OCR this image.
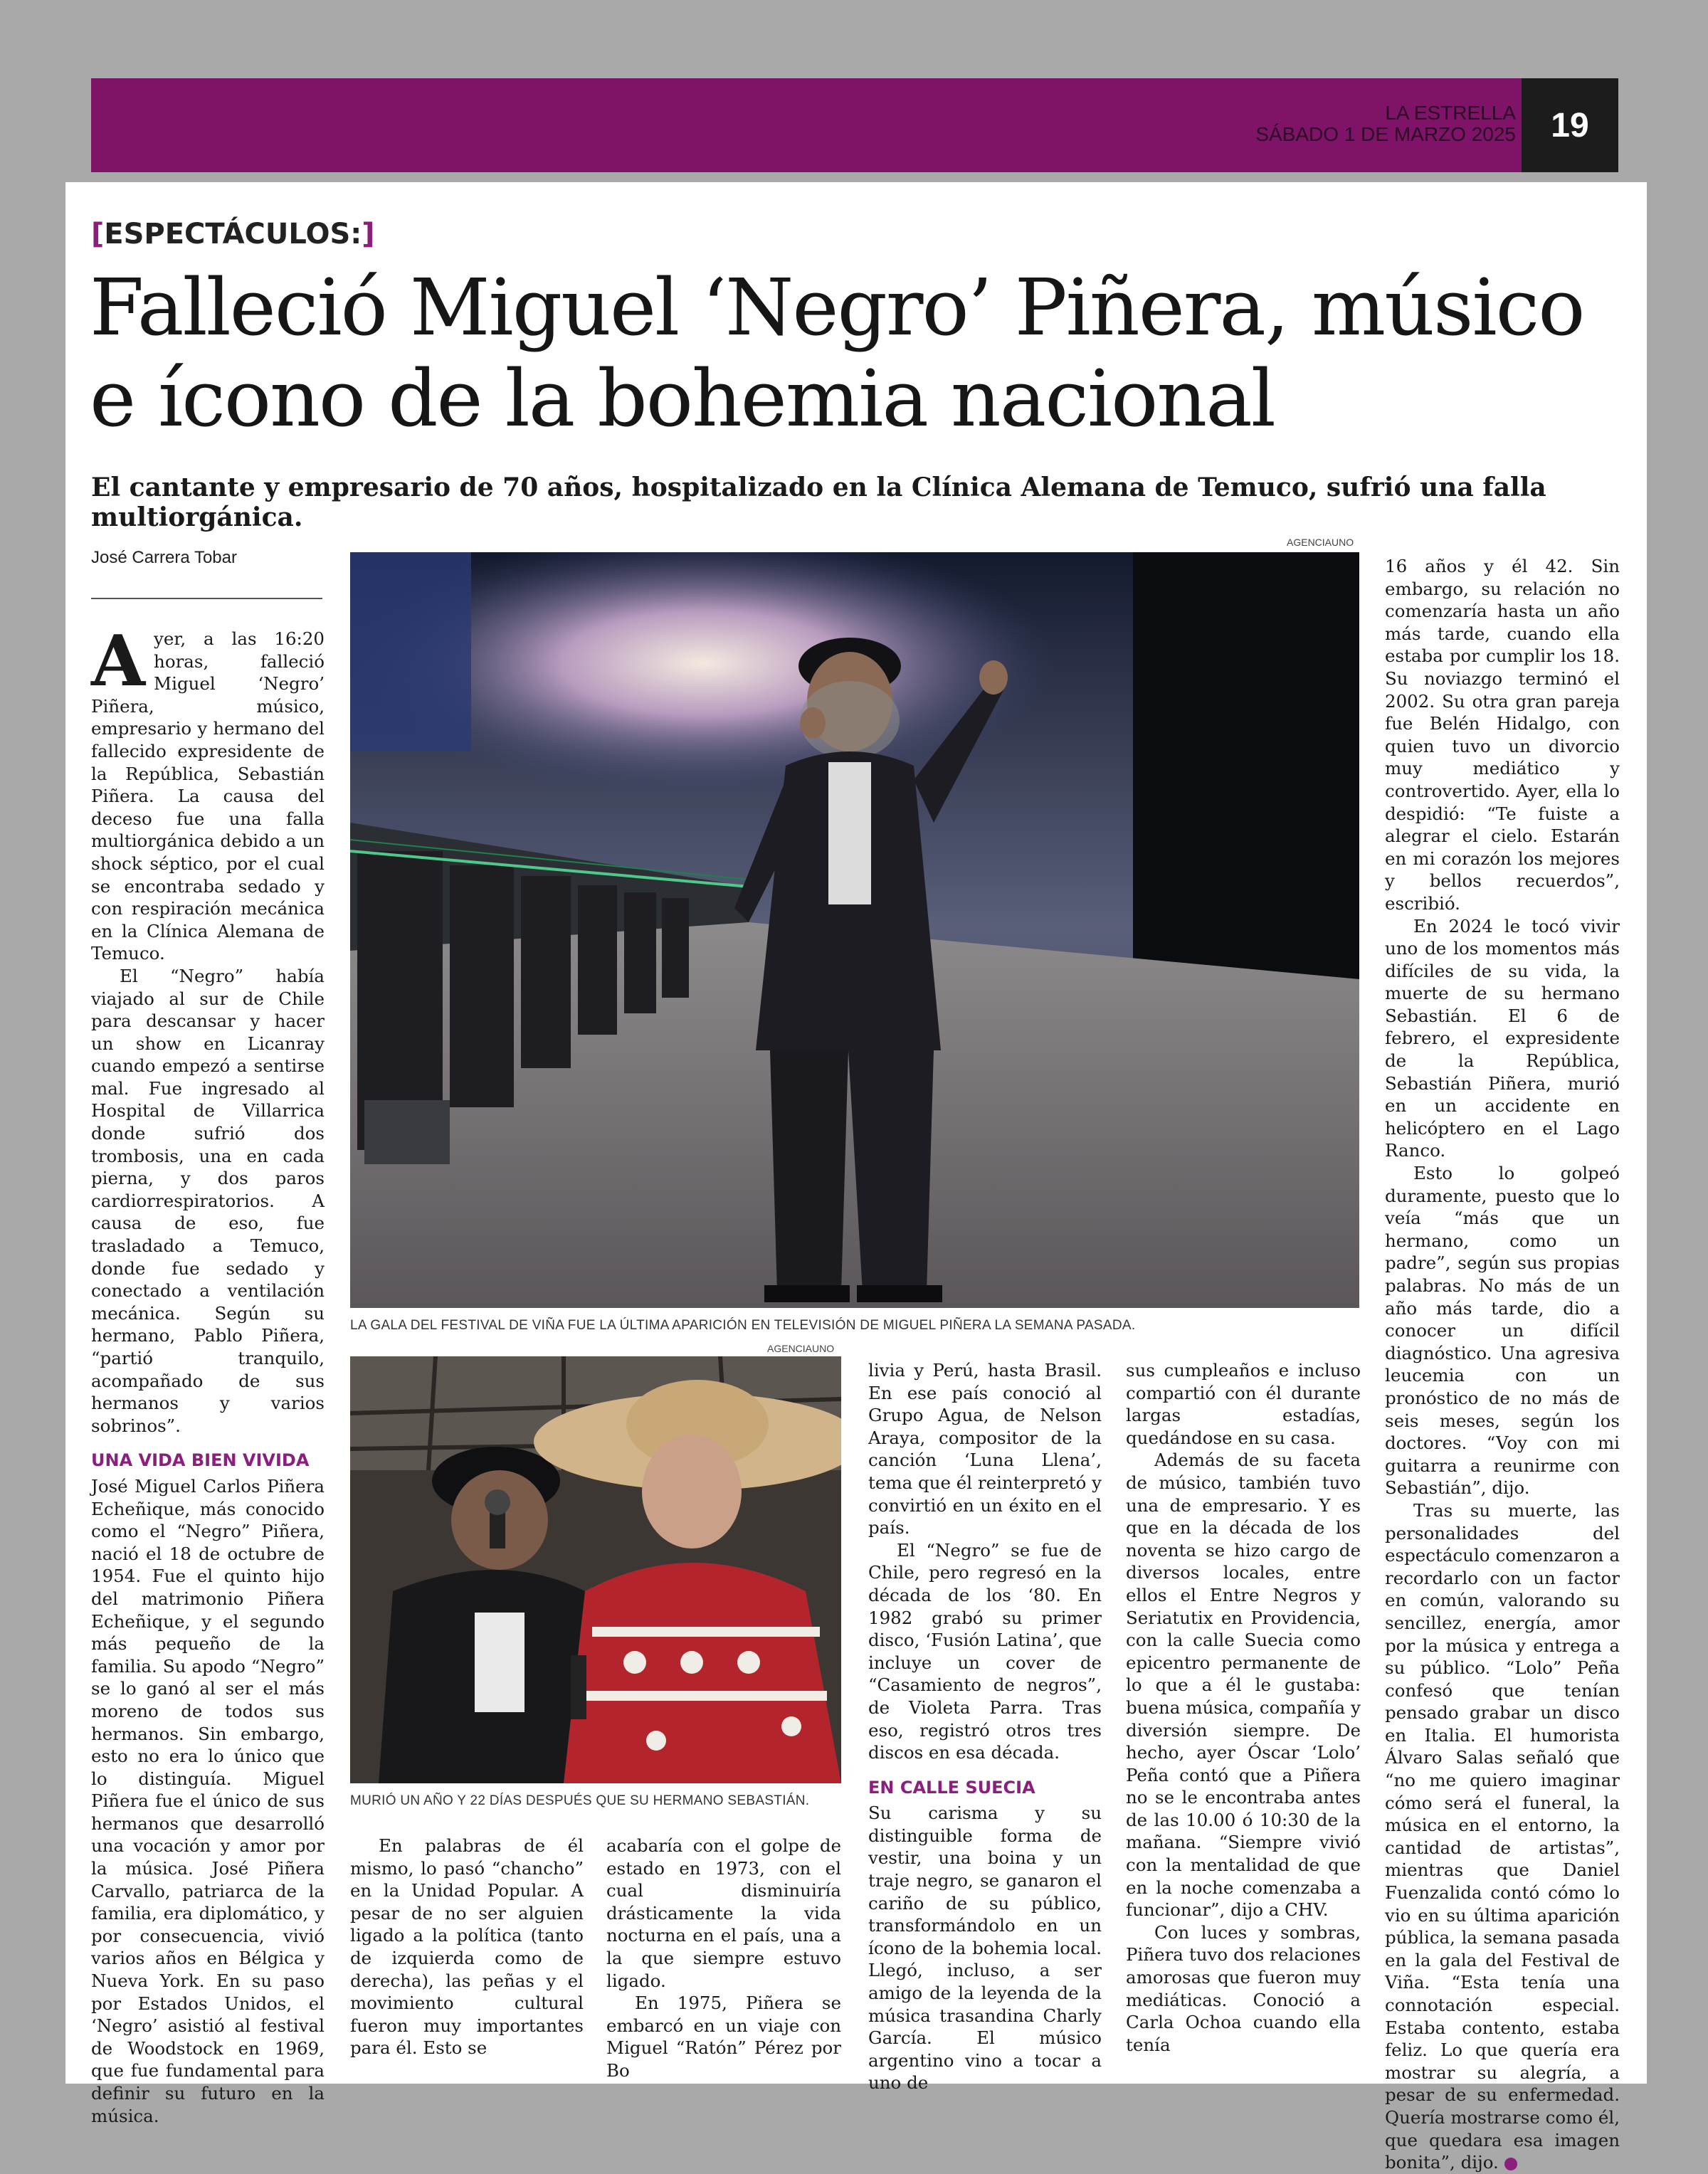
LA ESTRELLA
SÁBADO 1 DE MARZO 2025	19
[ESPECTÁCULOS:]
Falleció Miguel ‘Negro’ Piñera, músico
e ícono de la bohemia nacional
El cantante y empresario de 70 años, hospitalizado en la Clínica Alemana de Temuco, sufrió una falla multiorgánica.
José Carrera Tobar
AGENCIAUNO
LA GALA DEL FESTIVAL DE VIÑA FUE LA ÚLTIMA APARICIÓN EN TELEVISIÓN DE MIGUEL PIÑERA LA SEMANA PASADA.
AGENCIAUNO
MURIÓ UN AÑO Y 22 DÍAS DESPUÉS QUE SU HERMANO SEBASTIÁN.

Ayer, a las 16:20 horas, falleció Miguel ‘Negro’ Piñera, músico, empresario y hermano del fallecido expresidente de la República, Sebastián Piñera. La causa del deceso fue una falla multiorgánica debido a un shock séptico, por el cual se encontraba sedado y con respiración mecánica en la Clínica Alemana de Temuco.

El “Negro” había viajado al sur de Chile para descansar y hacer un show en Licanray cuando empezó a sentirse mal. Fue ingresado al Hospital de Villarrica donde sufrió dos trombosis, una en cada pierna, y dos paros cardiorrespiratorios. A causa de eso, fue trasladado a Temuco, donde fue sedado y conectado a ventilación mecánica. Según su hermano, Pablo Piñera, “partió tranquilo, acompañado de sus hermanos y varios sobrinos”.

UNA VIDA BIEN VIVIDA

José Miguel Carlos Piñera Echeñique, más conocido como el “Negro” Piñera, nació el 18 de octubre de 1954. Fue el quinto hijo del matrimonio Piñera Echeñique, y el segundo más pequeño de la familia. Su apodo “Negro” se lo ganó al ser el más moreno de todos sus hermanos. Sin embargo, esto no era lo único que lo distinguía. Miguel Piñera fue el único de sus hermanos que desarrolló una vocación y amor por la música. José Piñera Carvallo, patriarca de la familia, era diplomático, y por consecuencia, vivió varios años en Bélgica y Nueva York. En su paso por Estados Unidos, el ‘Negro’ asistió al festival de Woodstock en 1969, que fue fundamental para definir su futuro en la música.

En palabras de él mismo, lo pasó “chancho” en la Unidad Popular. A pesar de no ser alguien ligado a la política (tanto de izquierda como de derecha), las peñas y el movimiento cultural fueron muy importantes para él. Esto se

acabaría con el golpe de estado en 1973, con el cual disminuiría drásticamente la vida nocturna en el país, una a la que siempre estuvo ligado.

En 1975, Piñera se embarcó en un viaje con Miguel “Ratón” Pérez por Bo

livia y Perú, hasta Brasil. En ese país conoció al Grupo Agua, de Nelson Araya, compositor de la canción ‘Luna Llena’, tema que él reinterpretó y convirtió en un éxito en el país.

El “Negro” se fue de Chile, pero regresó en la década de los ‘80. En 1982 grabó su primer disco, ‘Fusión Latina’, que incluye un cover de “Casamiento de negros”, de Violeta Parra. Tras eso, registró otros tres discos en esa década.

EN CALLE SUECIA

Su carisma y su distinguible forma de vestir, una boina y un traje negro, se ganaron el cariño de su público, transformándolo en un ícono de la bohemia local. Llegó, incluso, a ser amigo de la leyenda de la música trasandina Charly García. El músico argentino vino a tocar a uno de

sus cumpleaños e incluso compartió con él durante largas estadías, quedándose en su casa.

Además de su faceta de músico, también tuvo una de empresario. Y es que en la década de los noventa se hizo cargo de diversos locales, entre ellos el Entre Negros y Seriatutix en Providencia, con la calle Suecia como epicentro permanente de lo que a él le gustaba: buena música, compañía y diversión siempre. De hecho, ayer Óscar ‘Lolo’ Peña contó que a Piñera no se le encontraba antes de las 10.00 ó 10:30 de la mañana. “Siempre vivió con la mentalidad de que en la noche comenzaba a funcionar”, dijo a CHV.

Con luces y sombras, Piñera tuvo dos relaciones amorosas que fueron muy mediáticas. Conoció a Carla Ochoa cuando ella tenía

16 años y él 42. Sin embargo, su relación no comenzaría hasta un año más tarde, cuando ella estaba por cumplir los 18. Su noviazgo terminó el 2002. Su otra gran pareja fue Belén Hidalgo, con quien tuvo un divorcio muy mediático y controvertido. Ayer, ella lo despidió: “Te fuiste a alegrar el cielo. Estarán en mi corazón los mejores y bellos recuerdos”, escribió.

En 2024 le tocó vivir uno de los momentos más difíciles de su vida, la muerte de su hermano Sebastián. El 6 de febrero, el expresidente de la República, Sebastián Piñera, murió en un accidente en helicóptero en el Lago Ranco.

Esto lo golpeó duramente, puesto que lo veía “más que un hermano, como un padre”, según sus propias palabras. No más de un año más tarde, dio a conocer un difícil diagnóstico. Una agresiva leucemia con un pronóstico de no más de seis meses, según los doctores. “Voy con mi guitarra a reunirme con Sebastián”, dijo.

Tras su muerte, las personalidades del espectáculo comenzaron a recordarlo con un factor en común, valorando su sencillez, energía, amor por la música y entrega a su público. “Lolo” Peña confesó que tenían pensado grabar un disco en Italia. El humorista Álvaro Salas señaló que “no me quiero imaginar cómo será el funeral, la música en el entorno, la cantidad de artistas”, mientras que Daniel Fuenzalida contó cómo lo vio en su última aparición pública, la semana pasada en la gala del Festival de Viña. “Esta tenía una connotación especial. Estaba contento, estaba feliz. Lo que quería era mostrar su alegría, a pesar de su enfermedad. Quería mostrarse como él, que quedara esa imagen bonita”, dijo.
